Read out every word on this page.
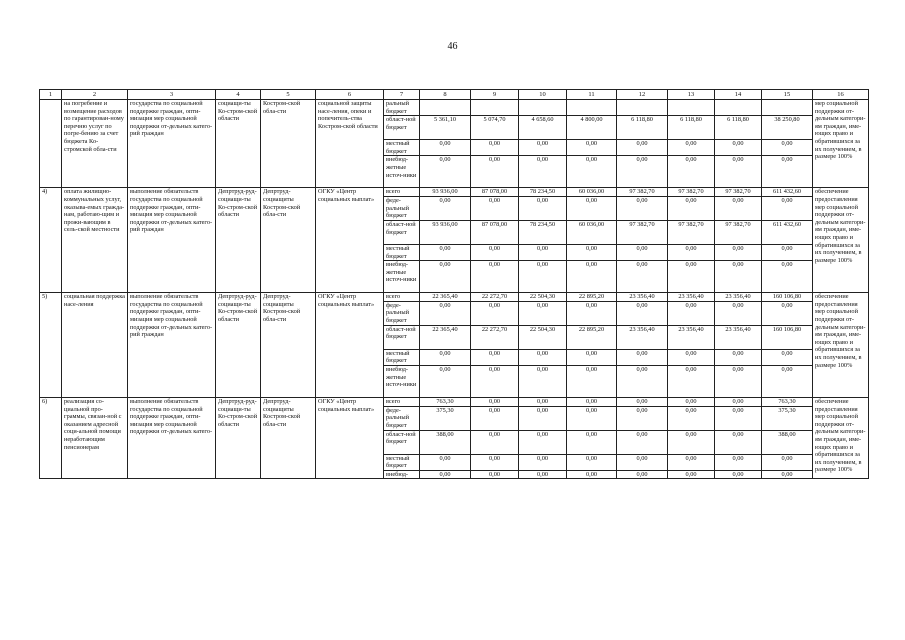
46
1	2	3	4	5	6	7	8	9	10	11	12	13	14	15	16
	на погребение и возмещение расходов по гарантирован-ному перечню услуг по погре-бению за счет бюджета Ко-стромской обла-сти	государства по социальной поддержке граждан, опти-мизация мер социальной поддержки от-дельных катего-рий граждан	социащи-ты Ко-стром-ской области	Костром-ской обла-сти	социальной защиты насе-ления, опеки и попечитель-ства Костром-ской области	ральный бюджет									мер социальной поддержки от-дельным категори-ям граждан, име-ющих право и обратившихся за их получением, в размере 100%
						област-ной бюджет	5 361,10	5 074,70	4 658,60	4 800,00	6 118,80	6 118,80	6 118,80	38 250,80	
						местный бюджет	0,00	0,00	0,00	0,00	0,00	0,00	0,00	0,00	
						внебюд-жетные источ-ники	0,00	0,00	0,00	0,00	0,00	0,00	0,00	0,00	
4)	оплата жилищно-коммунальных услуг, оказыва-емых гражда-нам, работаю-щим и прожи-вающим в сель-ской местности	выполнение обязательств государства по социальной поддержке граждан, опти-мизация мер социальной поддержки от-дельных катего-рий граждан	Депртруд-руд-социащи-ты Ко-стром-ской области	Депртруд-социащиты Костром-ской обла-сти	ОГКУ «Центр социальных выплат»	всего	93 936,00	87 078,00	78 234,50	60 036,00	97 382,70	97 382,70	97 382,70	611 432,60	обеспечение предоставления мер социальной поддержки от-дельным категори-ям граждан, име-ющих право и обратившихся за их получением, в размере 100%
						феде-ральный бюджет	0,00	0,00	0,00	0,00	0,00	0,00	0,00	0,00	
						област-ной бюджет	93 936,00	87 078,00	78 234,50	60 036,00	97 382,70	97 382,70	97 382,70	611 432,60	
						местный бюджет	0,00	0,00	0,00	0,00	0,00	0,00	0,00	0,00	
						внебюд-жетные источ-ники	0,00	0,00	0,00	0,00	0,00	0,00	0,00	0,00	
5)	социальная поддержка насе-ления	выполнение обязательств государства по социальной поддержке граждан, опти-мизация мер социальной поддержки от-дельных катего-рий граждан	Депртруд-руд-социащи-ты Ко-стром-ской области	Депртруд-социащиты Костром-ской обла-сти	ОГКУ «Центр социальных выплат»	всего	22 365,40	22 272,70	22 504,30	22 895,20	23 356,40	23 356,40	23 356,40	160 106,80	обеспечение предоставления мер социальной поддержки от-дельным категори-ям граждан, име-ющих право и обратившихся за их получением, в размере 100%
						феде-ральный бюджет	0,00	0,00	0,00	0,00	0,00	0,00	0,00	0,00	
						област-ной бюджет	22 365,40	22 272,70	22 504,30	22 895,20	23 356,40	23 356,40	23 356,40	160 106,80	
						местный бюджет	0,00	0,00	0,00	0,00	0,00	0,00	0,00	0,00	
						внебюд-жетные источ-ники	0,00	0,00	0,00	0,00	0,00	0,00	0,00	0,00	
6)	реализация со-циальной про-граммы, связан-ной с оказанием адресной соци-альной помощи неработающим пенсионерам	выполнение обязательств государства по социальной поддержке граждан, опти-мизация мер социальной поддержки от-дельных катего-	Депртруд-руд-социащи-ты Ко-стром-ской области	Депртруд-социащиты Костром-ской обла-сти	ОГКУ «Центр социальных выплат»	всего	763,30	0,00	0,00	0,00	0,00	0,00	0,00	763,30	обеспечение предоставления мер социальной поддержки от-дельным категори-ям граждан, име-ющих право и обратившихся за их получением, в размере 100%
						феде-ральный бюджет	375,30	0,00	0,00	0,00	0,00	0,00	0,00	375,30	
						област-ной бюджет	388,00	0,00	0,00	0,00	0,00	0,00	0,00	388,00	
						местный бюджет	0,00	0,00	0,00	0,00	0,00	0,00	0,00	0,00	
						внебюд-	0,00	0,00	0,00	0,00	0,00	0,00	0,00	0,00	
